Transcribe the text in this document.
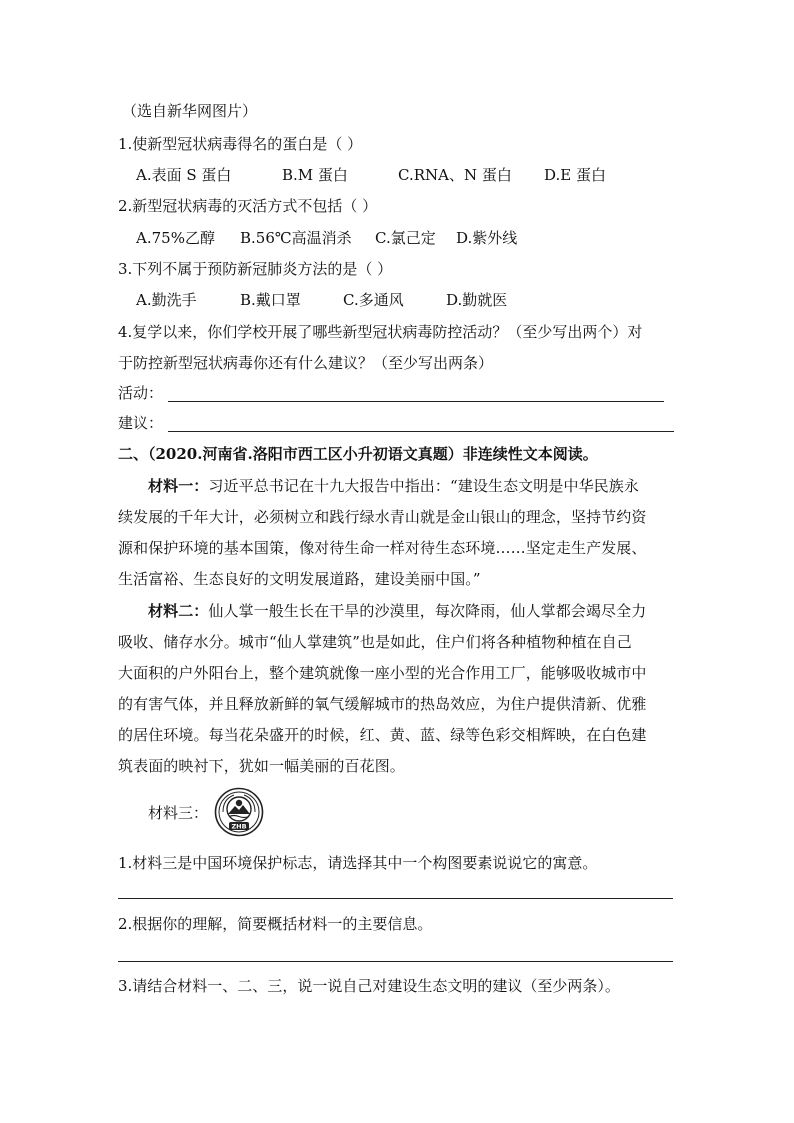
（选自新华网图片）
1.使新型冠状病毒得名的蛋白是（ ）
A.表面 S 蛋白	B.M 蛋白	C.RNA、N 蛋白 D.E 蛋白
2.新型冠状病毒的灭活方式不包括（ ）
A.75%乙醇 B.56℃高温消杀 C.氯己定 D.紫外线
3.下列不属于预防新冠肺炎方法的是（ ）
A.勤洗手	B.戴口罩	C.多通风	D.勤就医
4.复学以来，你们学校开展了哪些新型冠状病毒防控活动？（至少写出两个）对
于防控新型冠状病毒你还有什么建议？（至少写出两条）
活动：
建议：
二、（2020.河南省.洛阳市西工区小升初语文真题）非连续性文本阅读。
材料一：习近平总书记在十九大报告中指出：“建设生态文明是中华民族永
续发展的千年大计，必须树立和践行绿水青山就是金山银山的理念，坚持节约资
源和保护环境的基本国策，像对待生命一样对待生态环境……坚定走生产发展、
生活富裕、生态良好的文明发展道路，建设美丽中国。”
材料二：仙人掌一般生长在干旱的沙漠里，每次降雨，仙人掌都会竭尽全力
吸收、储存水分。城市“仙人掌建筑”也是如此，住户们将各种植物种植在自己
大面积的户外阳台上，整个建筑就像一座小型的光合作用工厂，能够吸收城市中
的有害气体，并且释放新鲜的氧气缓解城市的热岛效应，为住户提供清新、优雅
的居住环境。每当花朵盛开的时候，红、黄、蓝、绿等色彩交相辉映，在白色建
筑表面的映衬下，犹如一幅美丽的百花图。
材料三：
ZHB
1.材料三是中国环境保护标志，请选择其中一个构图要素说说它的寓意。
2.根据你的理解，简要概括材料一的主要信息。
3.请结合材料一、二、三，说一说自己对建设生态文明的建议（至少两条）。
